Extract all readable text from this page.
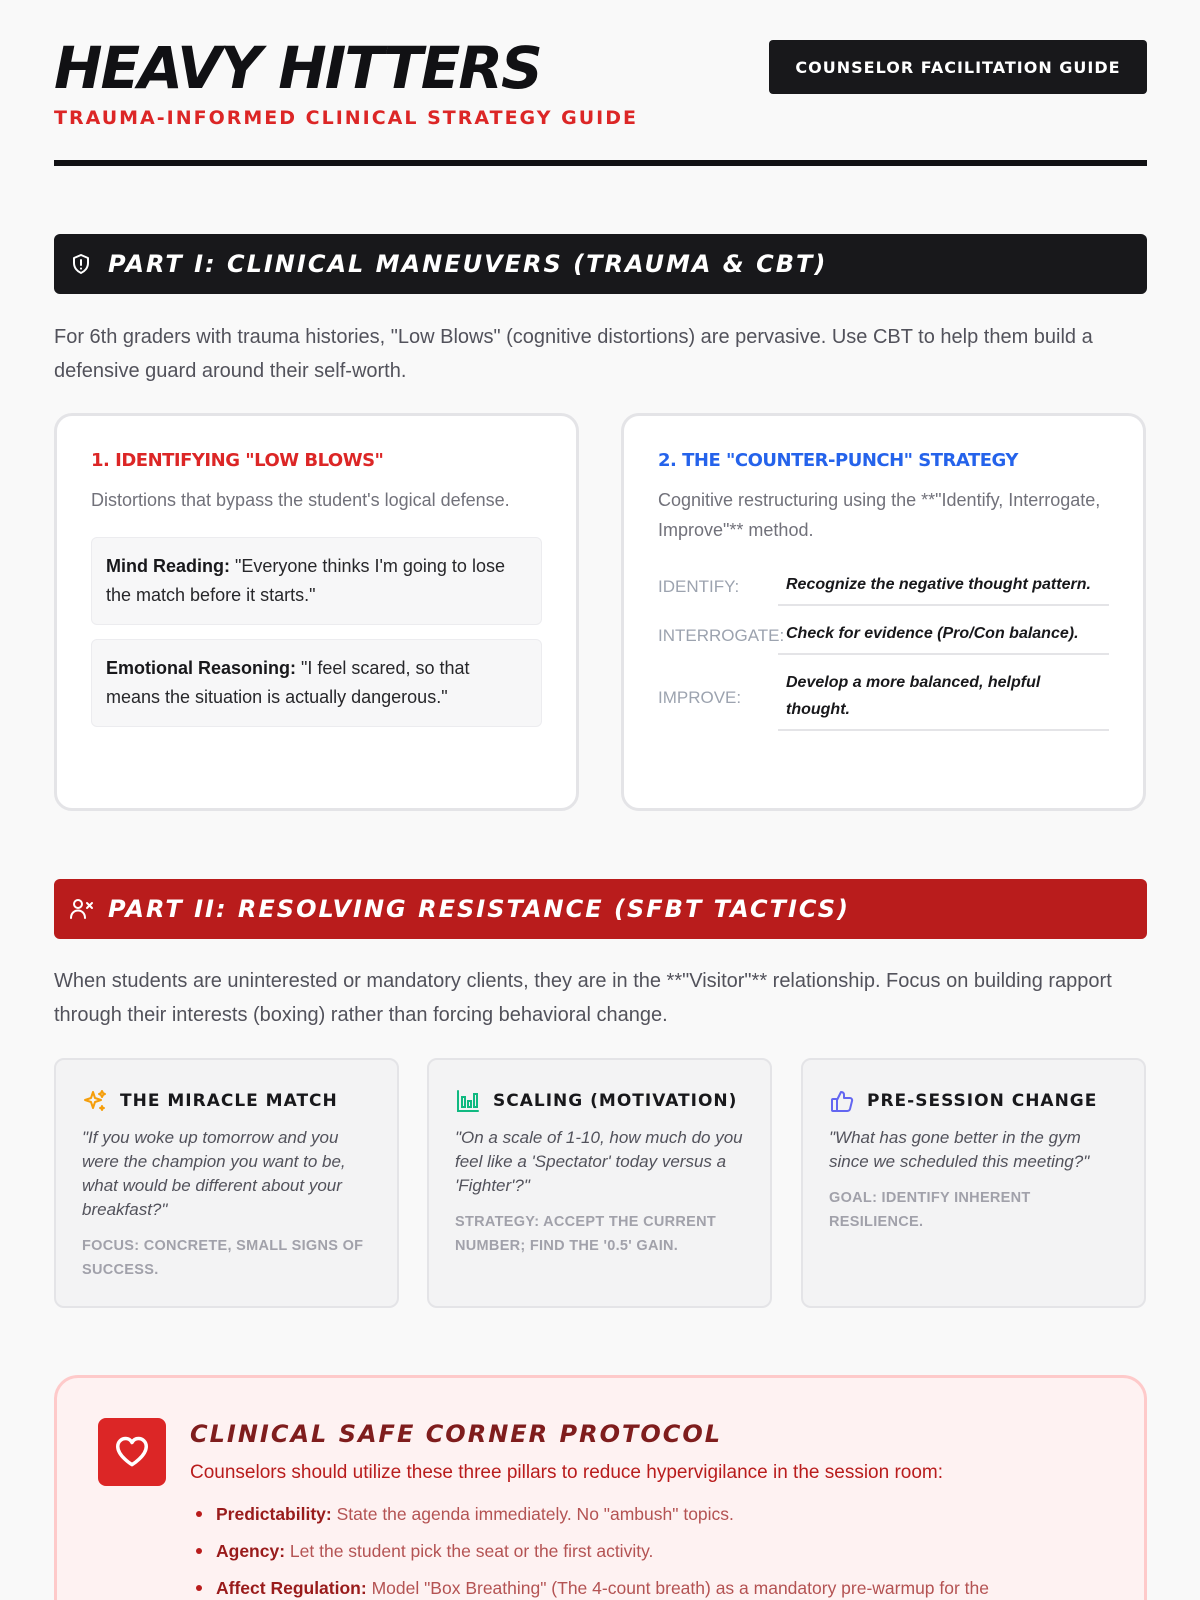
HEAVY HITTERS
TRAUMA-INFORMED CLINICAL STRATEGY GUIDE
COUNSELOR FACILITATION GUIDE
PART I: CLINICAL MANEUVERS (TRAUMA & CBT)

For 6th graders with trauma histories, "Low Blows" (cognitive distortions) are pervasive. Use CBT to help them build a defensive guard around their self-worth.

1. IDENTIFYING "LOW BLOWS"

Distortions that bypass the student's logical defense.

Mind Reading: "Everyone thinks I'm going to lose the match before it starts."
Emotional Reasoning: "I feel scared, so that means the situation is actually dangerous."
2. THE "COUNTER-PUNCH" STRATEGY

Cognitive restructuring using the **"Identify, Interrogate, Improve"** method.

IDENTIFY:	Recognize the negative thought pattern.
INTERROGATE: Check for evidence (Pro/Con balance).
IMPROVE:
Develop a more balanced, helpful thought.
PART II: RESOLVING RESISTANCE (SFBT TACTICS)

When students are uninterested or mandatory clients, they are in the **"Visitor"** relationship. Focus on building rapport through their interests (boxing) rather than forcing behavioral change.

THE MIRACLE MATCH

"If you woke up tomorrow and you were the champion you want to be, what would be different about your breakfast?"

FOCUS: CONCRETE, SMALL SIGNS OF SUCCESS.

SCALING (MOTIVATION)

"On a scale of 1-10, how much do you feel like a 'Spectator' today versus a 'Fighter'?"

STRATEGY: ACCEPT THE CURRENT NUMBER; FIND THE '0.5' GAIN.

PRE-SESSION CHANGE

"What has gone better in the gym since we scheduled this meeting?"

GOAL: IDENTIFY INHERENT RESILIENCE.

CLINICAL SAFE CORNER PROTOCOL
Counselors should utilize these three pillars to reduce hypervigilance in the session room:
Predictability: State the agenda immediately. No "ambush" topics.
Agency: Let the student pick the seat or the first activity.
Affect Regulation: Model "Box Breathing" (The 4-count breath) as a mandatory pre-warmup for the
